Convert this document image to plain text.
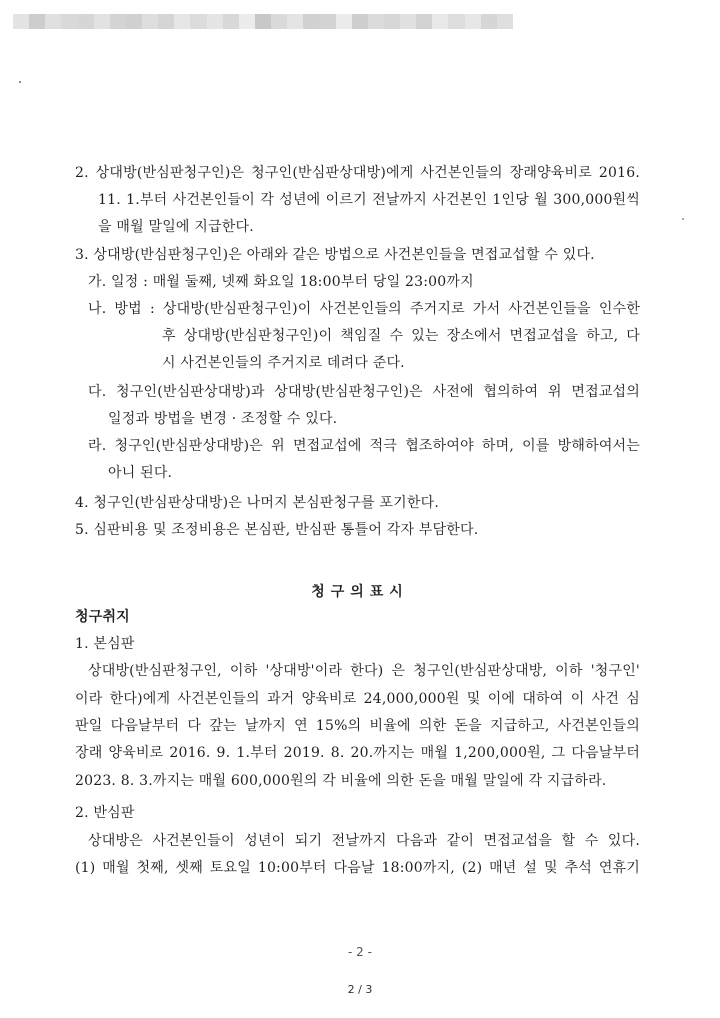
2. 상대방(반심판청구인)은 청구인(반심판상대방)에게 사건본인들의 장래양육비로 2016.
11. 1.부터 사건본인들이 각 성년에 이르기 전날까지 사건본인 1인당 월 300,000원씩
을 매월 말일에 지급한다.
3. 상대방(반심판청구인)은 아래와 같은 방법으로 사건본인들을 면접교섭할 수 있다.
가. 일정 : 매월 둘째, 넷째 화요일 18:00부터 당일 23:00까지
나. 방법 : 상대방(반심판청구인)이 사건본인들의 주거지로 가서 사건본인들을 인수한
후 상대방(반심판청구인)이 책임질 수 있는 장소에서 면접교섭을 하고, 다
시 사건본인들의 주거지로 데려다 준다.
다. 청구인(반심판상대방)과 상대방(반심판청구인)은 사전에 협의하여 위 면접교섭의
일정과 방법을 변경 · 조정할 수 있다.
라. 청구인(반심판상대방)은 위 면접교섭에 적극 협조하여야 하며, 이를 방해하여서는
아니 된다.
4. 청구인(반심판상대방)은 나머지 본심판청구를 포기한다.
5. 심판비용 및 조정비용은 본심판, 반심판 통틀어 각자 부담한다.
청구의표시
청구취지
1. 본심판
상대방(반심판청구인, 이하 '상대방'이라 한다) 은 청구인(반심판상대방, 이하 '청구인'
이라 한다)에게 사건본인들의 과거 양육비로 24,000,000원 및 이에 대하여 이 사건 심
판일 다음날부터 다 갚는 날까지 연 15%의 비율에 의한 돈을 지급하고, 사건본인들의
장래 양육비로 2016. 9. 1.부터 2019. 8. 20.까지는 매월 1,200,000원, 그 다음날부터
2023. 8. 3.까지는 매월 600,000원의 각 비율에 의한 돈을 매월 말일에 각 지급하라.
2. 반심판
상대방은 사건본인들이 성년이 되기 전날까지 다음과 같이 면접교섭을 할 수 있다.
(1) 매월 첫째, 셋째 토요일 10:00부터 다음날 18:00까지, (2) 매년 설 및 추석 연휴기
- 2 -
2 / 3
